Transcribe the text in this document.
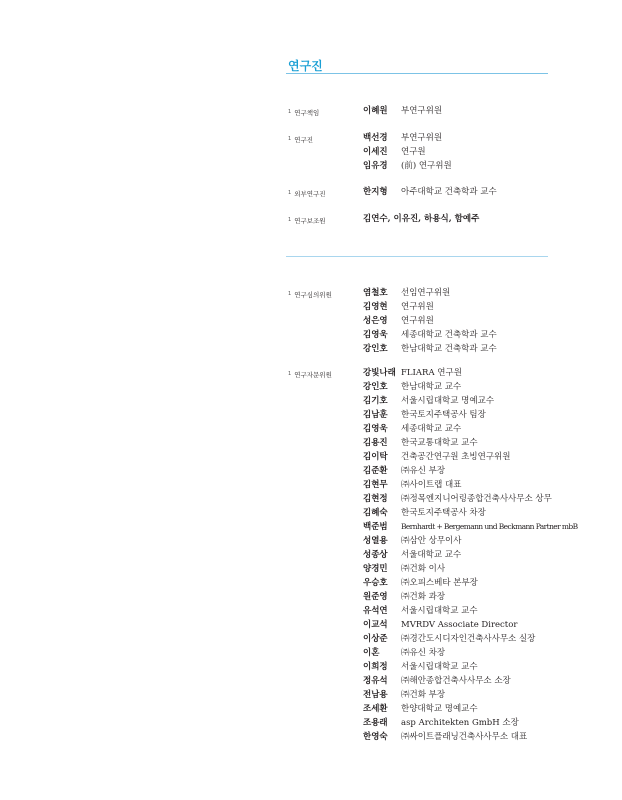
연구진
$^1$ 연구책임	이혜원 부연구위원
$^1$ 연구진	백선경 부연구위원
이세진 연구원
임유경 (前) 연구위원
$^1$ 외부연구진	한지형 아주대학교 건축학과 교수
$^1$ 연구보조원	김연수, 이유진, 하용식, 함예주
$^1$ 연구심의위원	염철호 선임연구위원
김영현 연구위원
성은영 연구위원
김영욱 세종대학교 건축학과 교수
강인호 한남대학교 건축학과 교수
$^1$ 연구자문위원	강빛나래 FLIARA 연구원
강인호 한남대학교 교수
김기호 서울시립대학교 명예교수
김남훈 한국토지주택공사 팀장
김영욱 세종대학교 교수
김용진 한국교통대학교 교수
김이탁 건축공간연구원 초빙연구위원
김준환 ㈜유신 부장
김현무 ㈜사이트랩 대표
김현정 ㈜정목엔지니어링종합건축사사무소 상무
김혜숙 한국토지주택공사 차장
백준범 Bernhardt + Bergemann und Beckmann Partner mbB
성열용 ㈜삼안 상무이사
성종상 서울대학교 교수
양경민 ㈜건화 이사
우승호 ㈜오피스베타 본부장
원준영 ㈜건화 과장
유석연 서울시립대학교 교수
이교석 MVRDV Associate Director
이상준 ㈜경간도시디자인건축사사무소 실장
이혼	㈜유신 차장
이희정 서울시립대학교 교수
정유석 ㈜해안종합건축사사무소 소장
전남용 ㈜건화 부장
조세환 한양대학교 명예교수
조용래 asp Architekten GmbH 소장
한영숙 ㈜싸이트플래닝건축사사무소 대표
